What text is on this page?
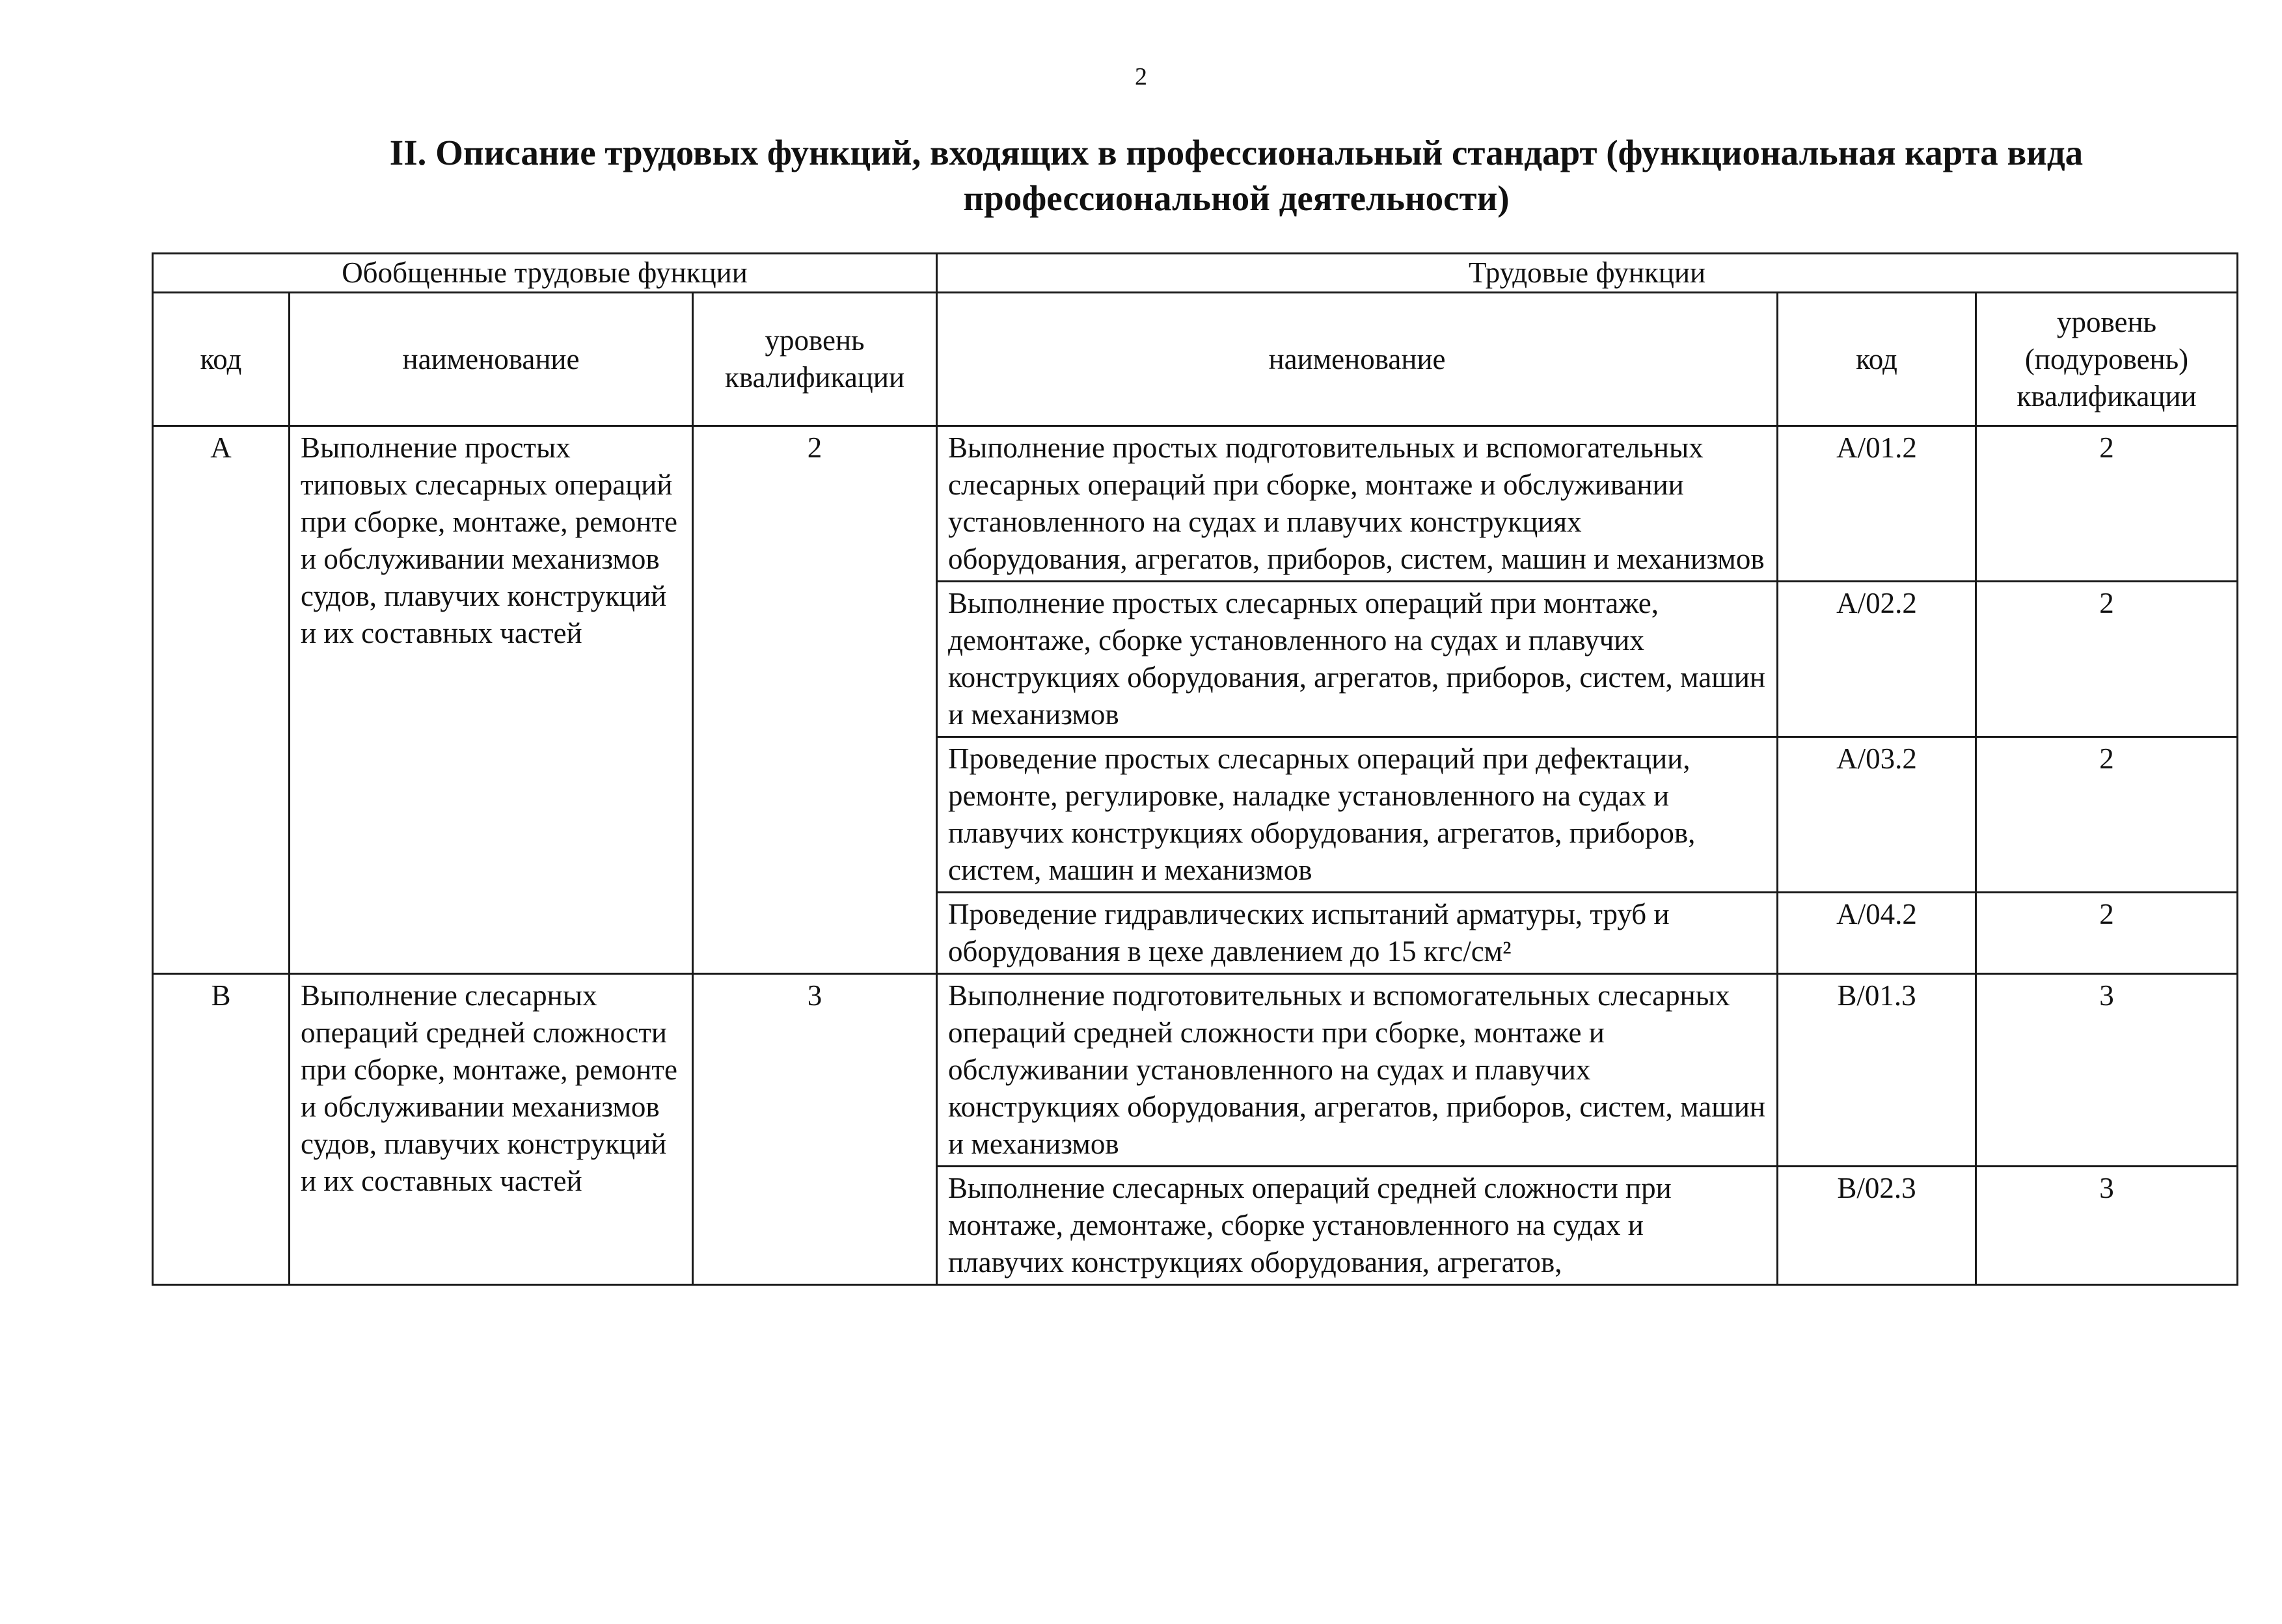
2
II. Описание трудовых функций, входящих в профессиональный стандарт (функциональная карта вида
профессиональной деятельности)
Обобщенные трудовые функции			Трудовые функции		
код	наименование	уровень квалификации	наименование	код	уровень (подуровень) квалификации
A	Выполнение простых типовых слесарных операций при сборке, монтаже, ремонте и обслуживании механизмов судов, плавучих конструкций и их составных частей	2	Выполнение простых подготовительных и вспомогательных слесарных операций при сборке, монтаже и обслуживании установленного на судах и плавучих конструкциях оборудования, агрегатов, приборов, систем, машин и механизмов	A/01.2	2
			Выполнение простых слесарных операций при монтаже, демонтаже, сборке установленного на судах и плавучих конструкциях оборудования, агрегатов, приборов, систем, машин и механизмов	A/02.2	2
			Проведение простых слесарных операций при дефектации, ремонте, регулировке, наладке установленного на судах и плавучих конструкциях оборудования, агрегатов, приборов, систем, машин и механизмов	A/03.2	2
			Проведение гидравлических испытаний арматуры, труб и оборудования в цехе давлением до 15 кгс/см²	A/04.2	2
B	Выполнение слесарных операций средней сложности при сборке, монтаже, ремонте и обслуживании механизмов судов, плавучих конструкций и их составных частей	3	Выполнение подготовительных и вспомогательных слесарных операций средней сложности при сборке, монтаже и обслуживании установленного на судах и плавучих конструкциях оборудования, агрегатов, приборов, систем, машин и механизмов	B/01.3	3
			Выполнение слесарных операций средней сложности при монтаже, демонтаже, сборке установленного на судах и плавучих конструкциях оборудования, агрегатов,	B/02.3	3
